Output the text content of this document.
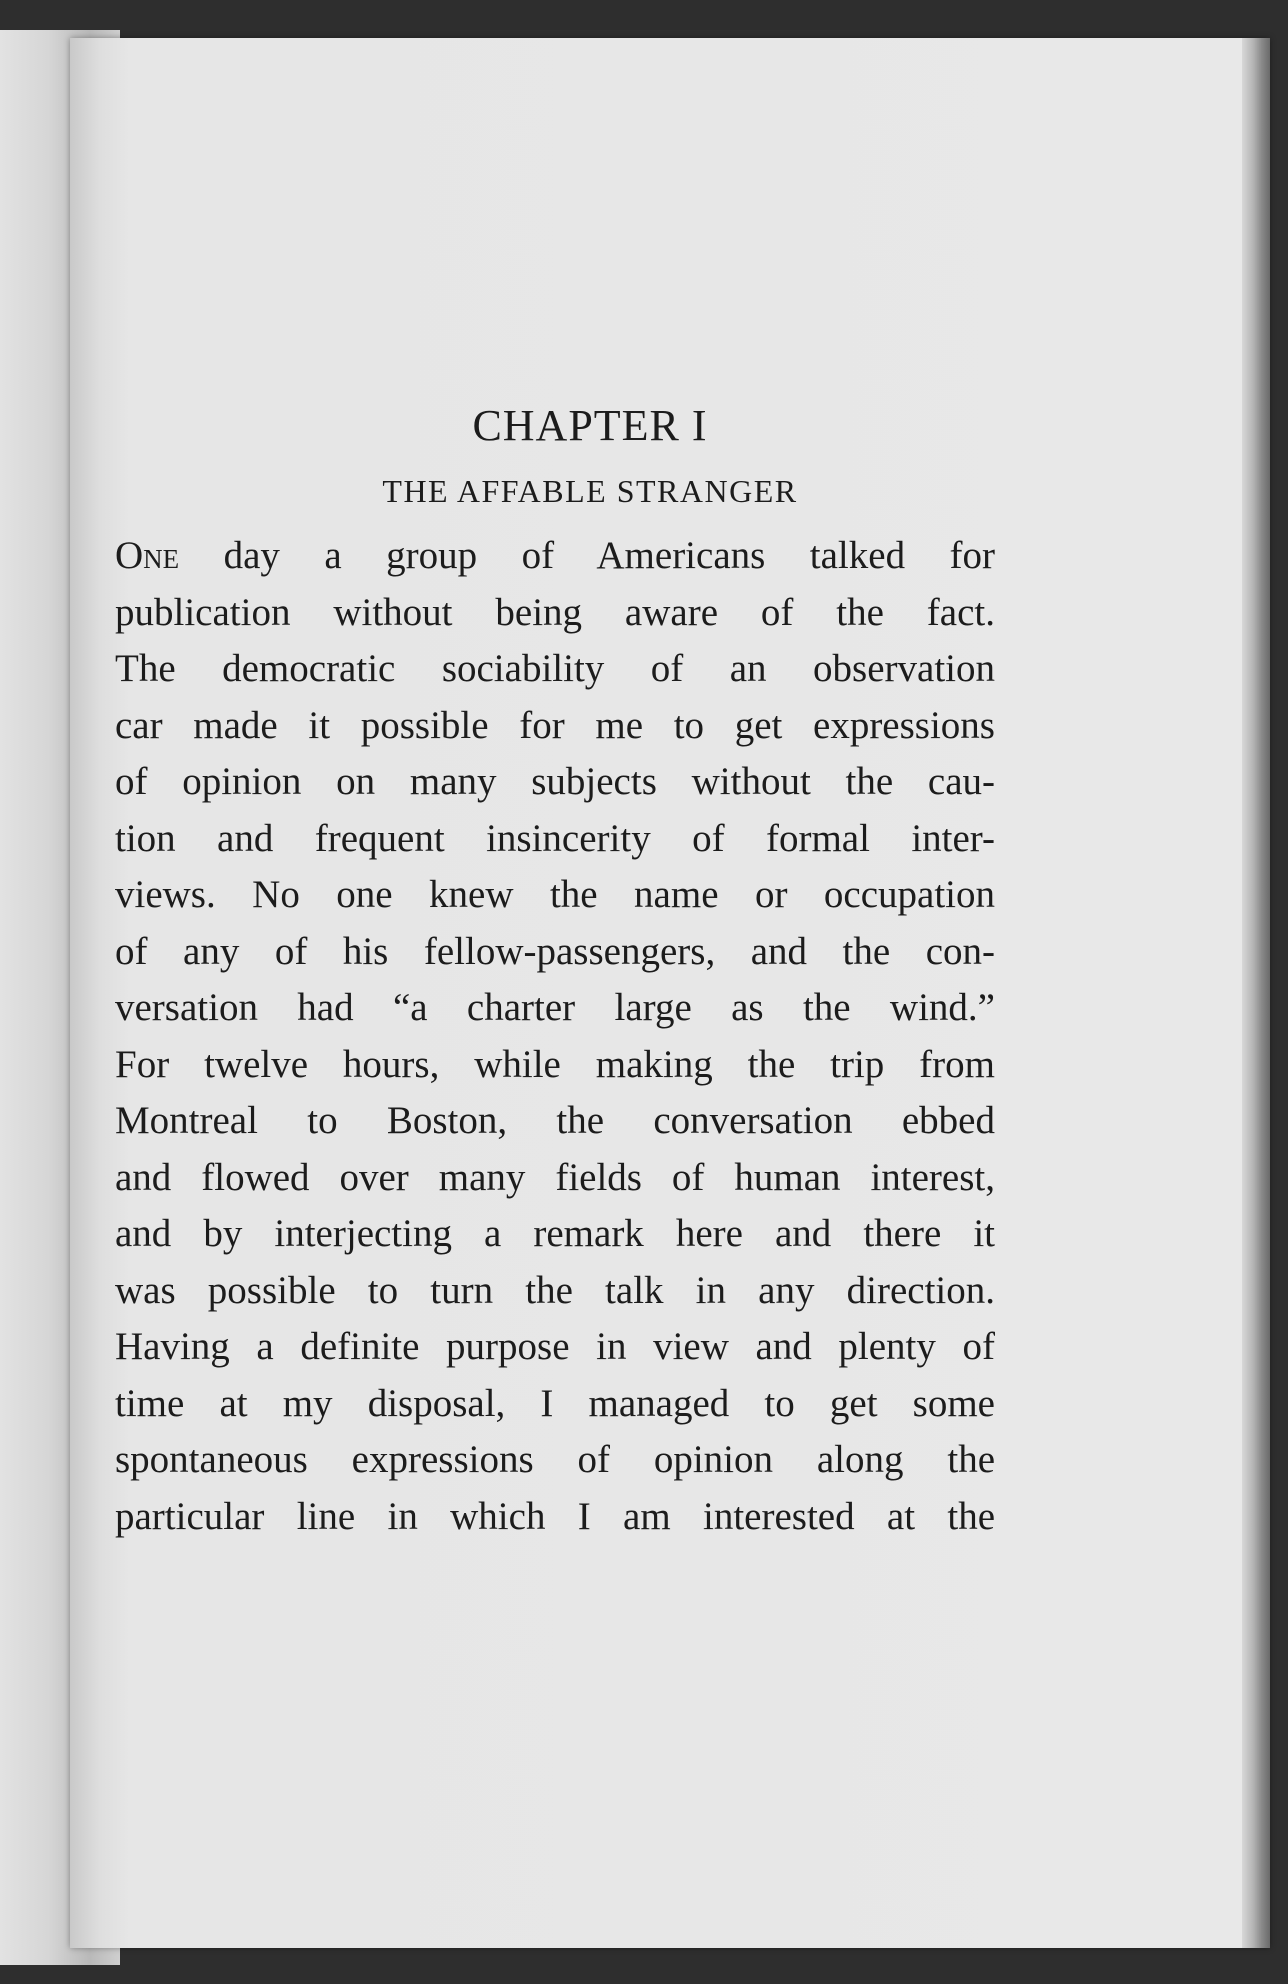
CHAPTER I
THE AFFABLE STRANGER
One day a group of Americans talked for
publication without being aware of the fact.
The democratic sociability of an observation
car made it possible for me to get expressions
of opinion on many subjects without the cau-
tion and frequent insincerity of formal inter-
views. No one knew the name or occupation
of any of his fellow-passengers, and the con-
versation had “a charter large as the wind.”
For twelve hours, while making the trip from
Montreal to Boston, the conversation ebbed
and flowed over many fields of human interest,
and by interjecting a remark here and there it
was possible to turn the talk in any direction.
Having a definite purpose in view and plenty of
time at my disposal, I managed to get some
spontaneous expressions of opinion along the
particular line in which I am interested at the
